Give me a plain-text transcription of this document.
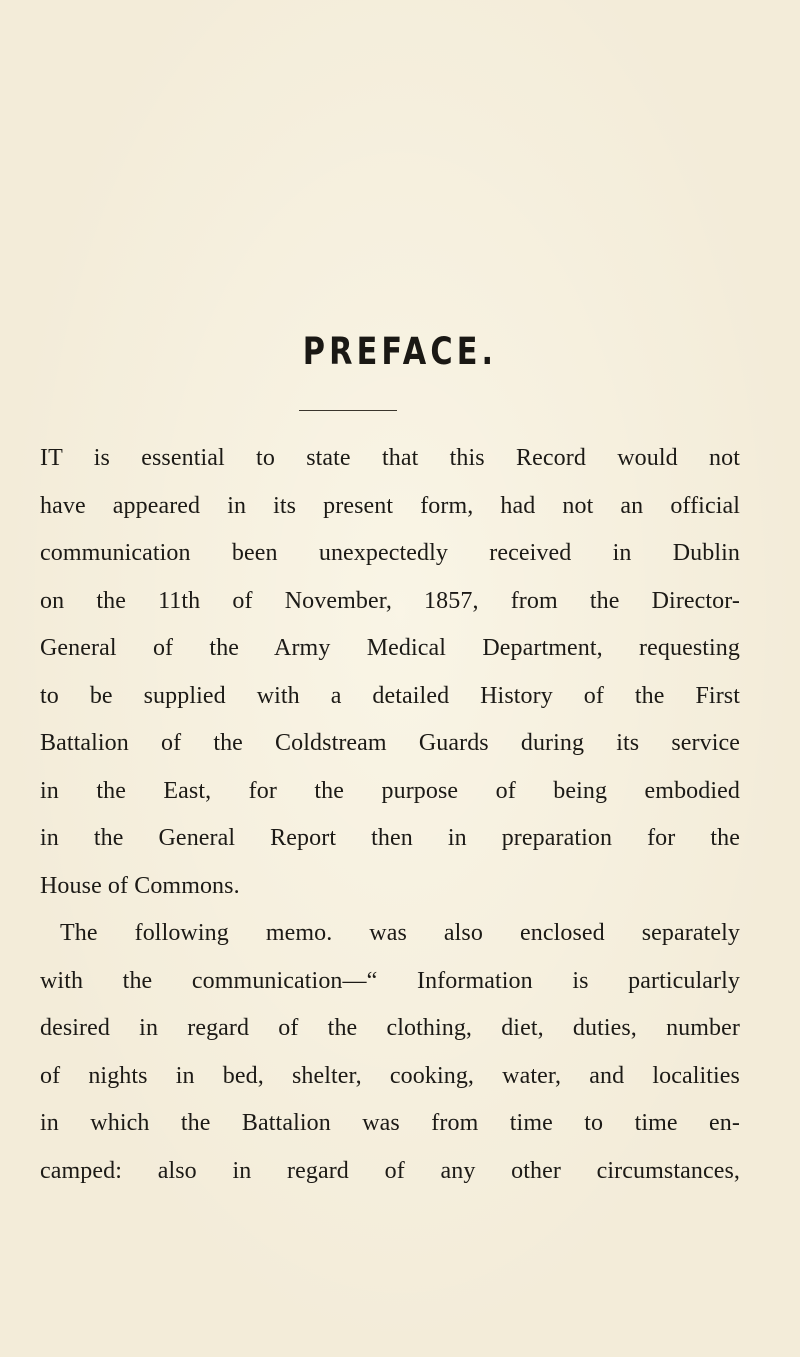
PREFACE.
IT is essential to state that this Record would not
have appeared in its present form, had not an official
communication been unexpectedly received in Dublin
on the 11th of November, 1857, from the Director-
General of the Army Medical Department, requesting
to be supplied with a detailed History of the First
Battalion of the Coldstream Guards during its service
in the East, for the purpose of being embodied
in the General Report then in preparation for the
House of Commons.
The following memo. was also enclosed separately
with the communication—“ Information is particularly
desired in regard of the clothing, diet, duties, number
of nights in bed, shelter, cooking, water, and localities
in which the Battalion was from time to time en-
camped: also in regard of any other circumstances,
